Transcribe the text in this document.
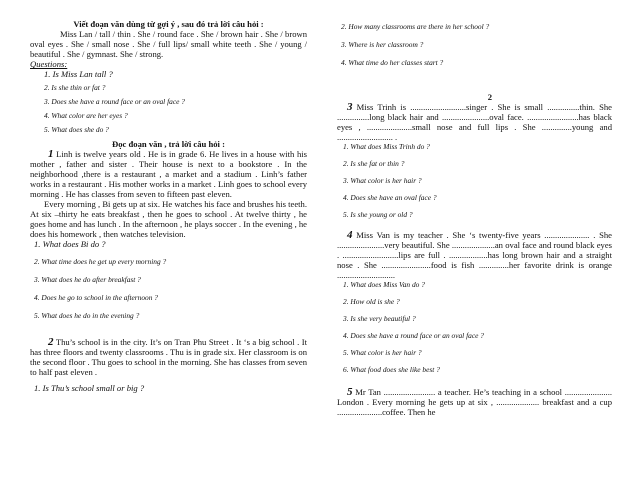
Viết đoạn văn dùng từ gợi ý , sau đó trả lời câu hỏi :

Miss Lan / tall / thin . She / round face . She / brown hair . She / brown oval eyes . She / small nose . She / full lips/ small white teeth . She / young / beautiful . She / gymnast. She / strong.

Questions:

1. Is Miss Lan tall ?

2. Is she thin or fat ?

3. Does she have a round face or an oval face ?

4. What color are her eyes ?

5. What does she do ?

Đọc đoạn văn , trả lời câu hỏi :

1 Linh is twelve years old . He is in grade 6. He lives in a house with his mother , father and sister . Their house is next to a bookstore . In the neighborhood ,there is a restaurant , a market and a stadium . Linh’s father works in a restaurant . His mother works in a market . Linh goes to school every morning . He has classes from seven to fifteen past eleven.

Every morning , Bi gets up at six. He watches his face and brushes his teeth. At six –thirty he eats breakfast , then he goes to school . At twelve thirty , he goes home and has lunch . In the afternoon , he plays soccer . In the evening , he does his homework , then watches television.

1. What does Bi do ?

2. What time does he get up every morning ?

3. What does he do after breakfast ?

4. Does he go to school in the afternoon ?

5. What does he do in the evening ?

2 Thu’s school is in the city. It’s on Tran Phu Street . It ‘s a big school . It has three floors and twenty classrooms . Thu is in grade six. Her classroom is on the second floor . Thu goes to school in the morning. She has classes from seven to half past eleven .

1. Is Thu’s school small or big ?

2. How many classrooms are there in her school ?

3. Where is her classroom ?

4. What time do her classes start ?

2

3 Miss Trinh is ..........................singer . She is small ...............thin. She ...............long black hair and ......................oval face. ........................has black eyes , .....................small nose and full lips . She ..............young and .......................... .

1. What does Miss Trinh do ?

2. Is she fat or thin ?

3. What color is her hair ?

4. Does she have an oval face ?

5. Is she young or old ?

4 Miss Van is my teacher . She ‘s twenty-five years ..................... . She ......................very beautiful. She ....................an oval face and round black eyes . ..........................lips are full . ..................has long brown hair and a straight nose . She .......................food is fish ..............her favorite drink is orange ...........................

1. What does Miss Van do ?

2. How old is she ?

3. Is she very beautiful ?

4. Does she have a round face or an oval face ?

5. What color is her hair ?

6. What food does she like best ?

5 Mr Tan ........................ a teacher. He’s teaching in a school ...................... London . Every morning he gets up at six , .................... breakfast and a cup .....................coffee. Then he
